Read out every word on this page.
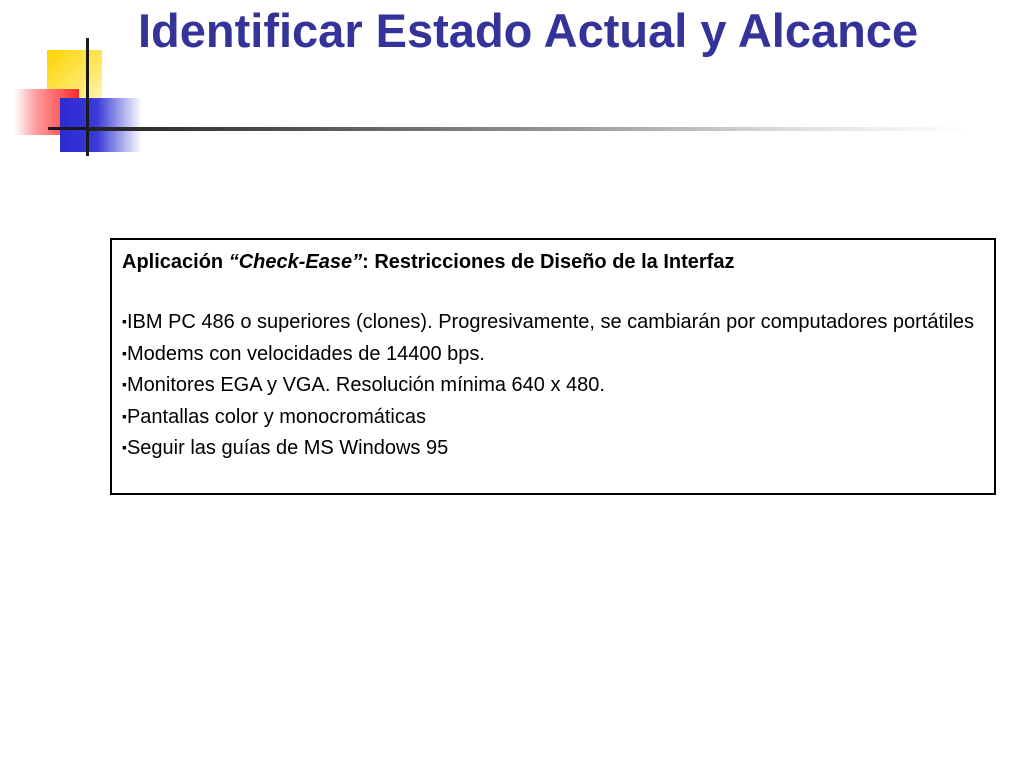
Identificar Estado Actual y Alcance

Aplicación “Check-Ease”: Restricciones de Diseño de la Interfaz

▪IBM PC 486 o superiores (clones). Progresivamente, se cambiarán por computadores portátiles
▪Modems con velocidades de 14400 bps.
▪Monitores EGA y VGA. Resolución mínima 640 x 480.
▪Pantallas color y monocromáticas
▪Seguir las guías de MS Windows 95
